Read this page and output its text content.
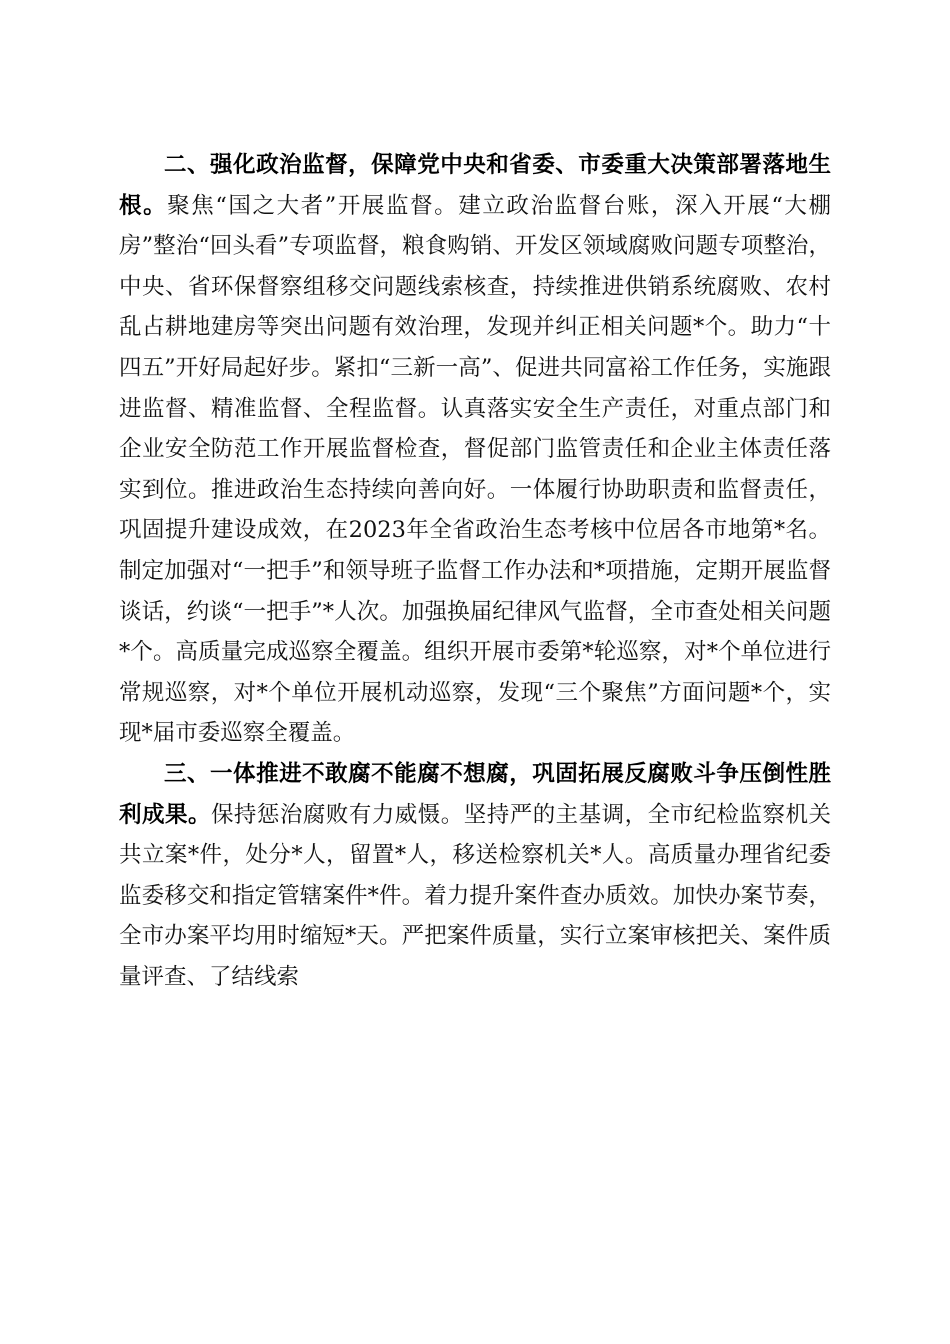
二、强化政治监督，保障党中央和省委、市委重大决策部署落地生根。聚焦“国之大者”开展监督。建立政治监督台账，深入开展“大棚房”整治“回头看”专项监督，粮食购销、开发区领域腐败问题专项整治，中央、省环保督察组移交问题线索核查，持续推进供销系统腐败、农村乱占耕地建房等突出问题有效治理，发现并纠正相关问题*个。助力“十四五”开好局起好步。紧扣“三新一高”、促进共同富裕工作任务，实施跟进监督、精准监督、全程监督。认真落实安全生产责任，对重点部门和企业安全防范工作开展监督检查，督促部门监管责任和企业主体责任落实到位。推进政治生态持续向善向好。一体履行协助职责和监督责任，巩固提升建设成效，在2023年全省政治生态考核中位居各市地第*名。制定加强对“一把手”和领导班子监督工作办法和*项措施，定期开展监督谈话，约谈“一把手”*人次。加强换届纪律风气监督，全市查处相关问题*个。高质量完成巡察全覆盖。组织开展市委第*轮巡察，对*个单位进行常规巡察，对*个单位开展机动巡察，发现“三个聚焦”方面问题*个，实现*届市委巡察全覆盖。

三、一体推进不敢腐不能腐不想腐，巩固拓展反腐败斗争压倒性胜利成果。保持惩治腐败有力威慑。坚持严的主基调，全市纪检监察机关共立案*件，处分*人，留置*人，移送检察机关*人。高质量办理省纪委监委移交和指定管辖案件*件。着力提升案件查办质效。加快办案节奏，全市办案平均用时缩短*天。严把案件质量，实行立案审核把关、案件质量评查、了结线索
